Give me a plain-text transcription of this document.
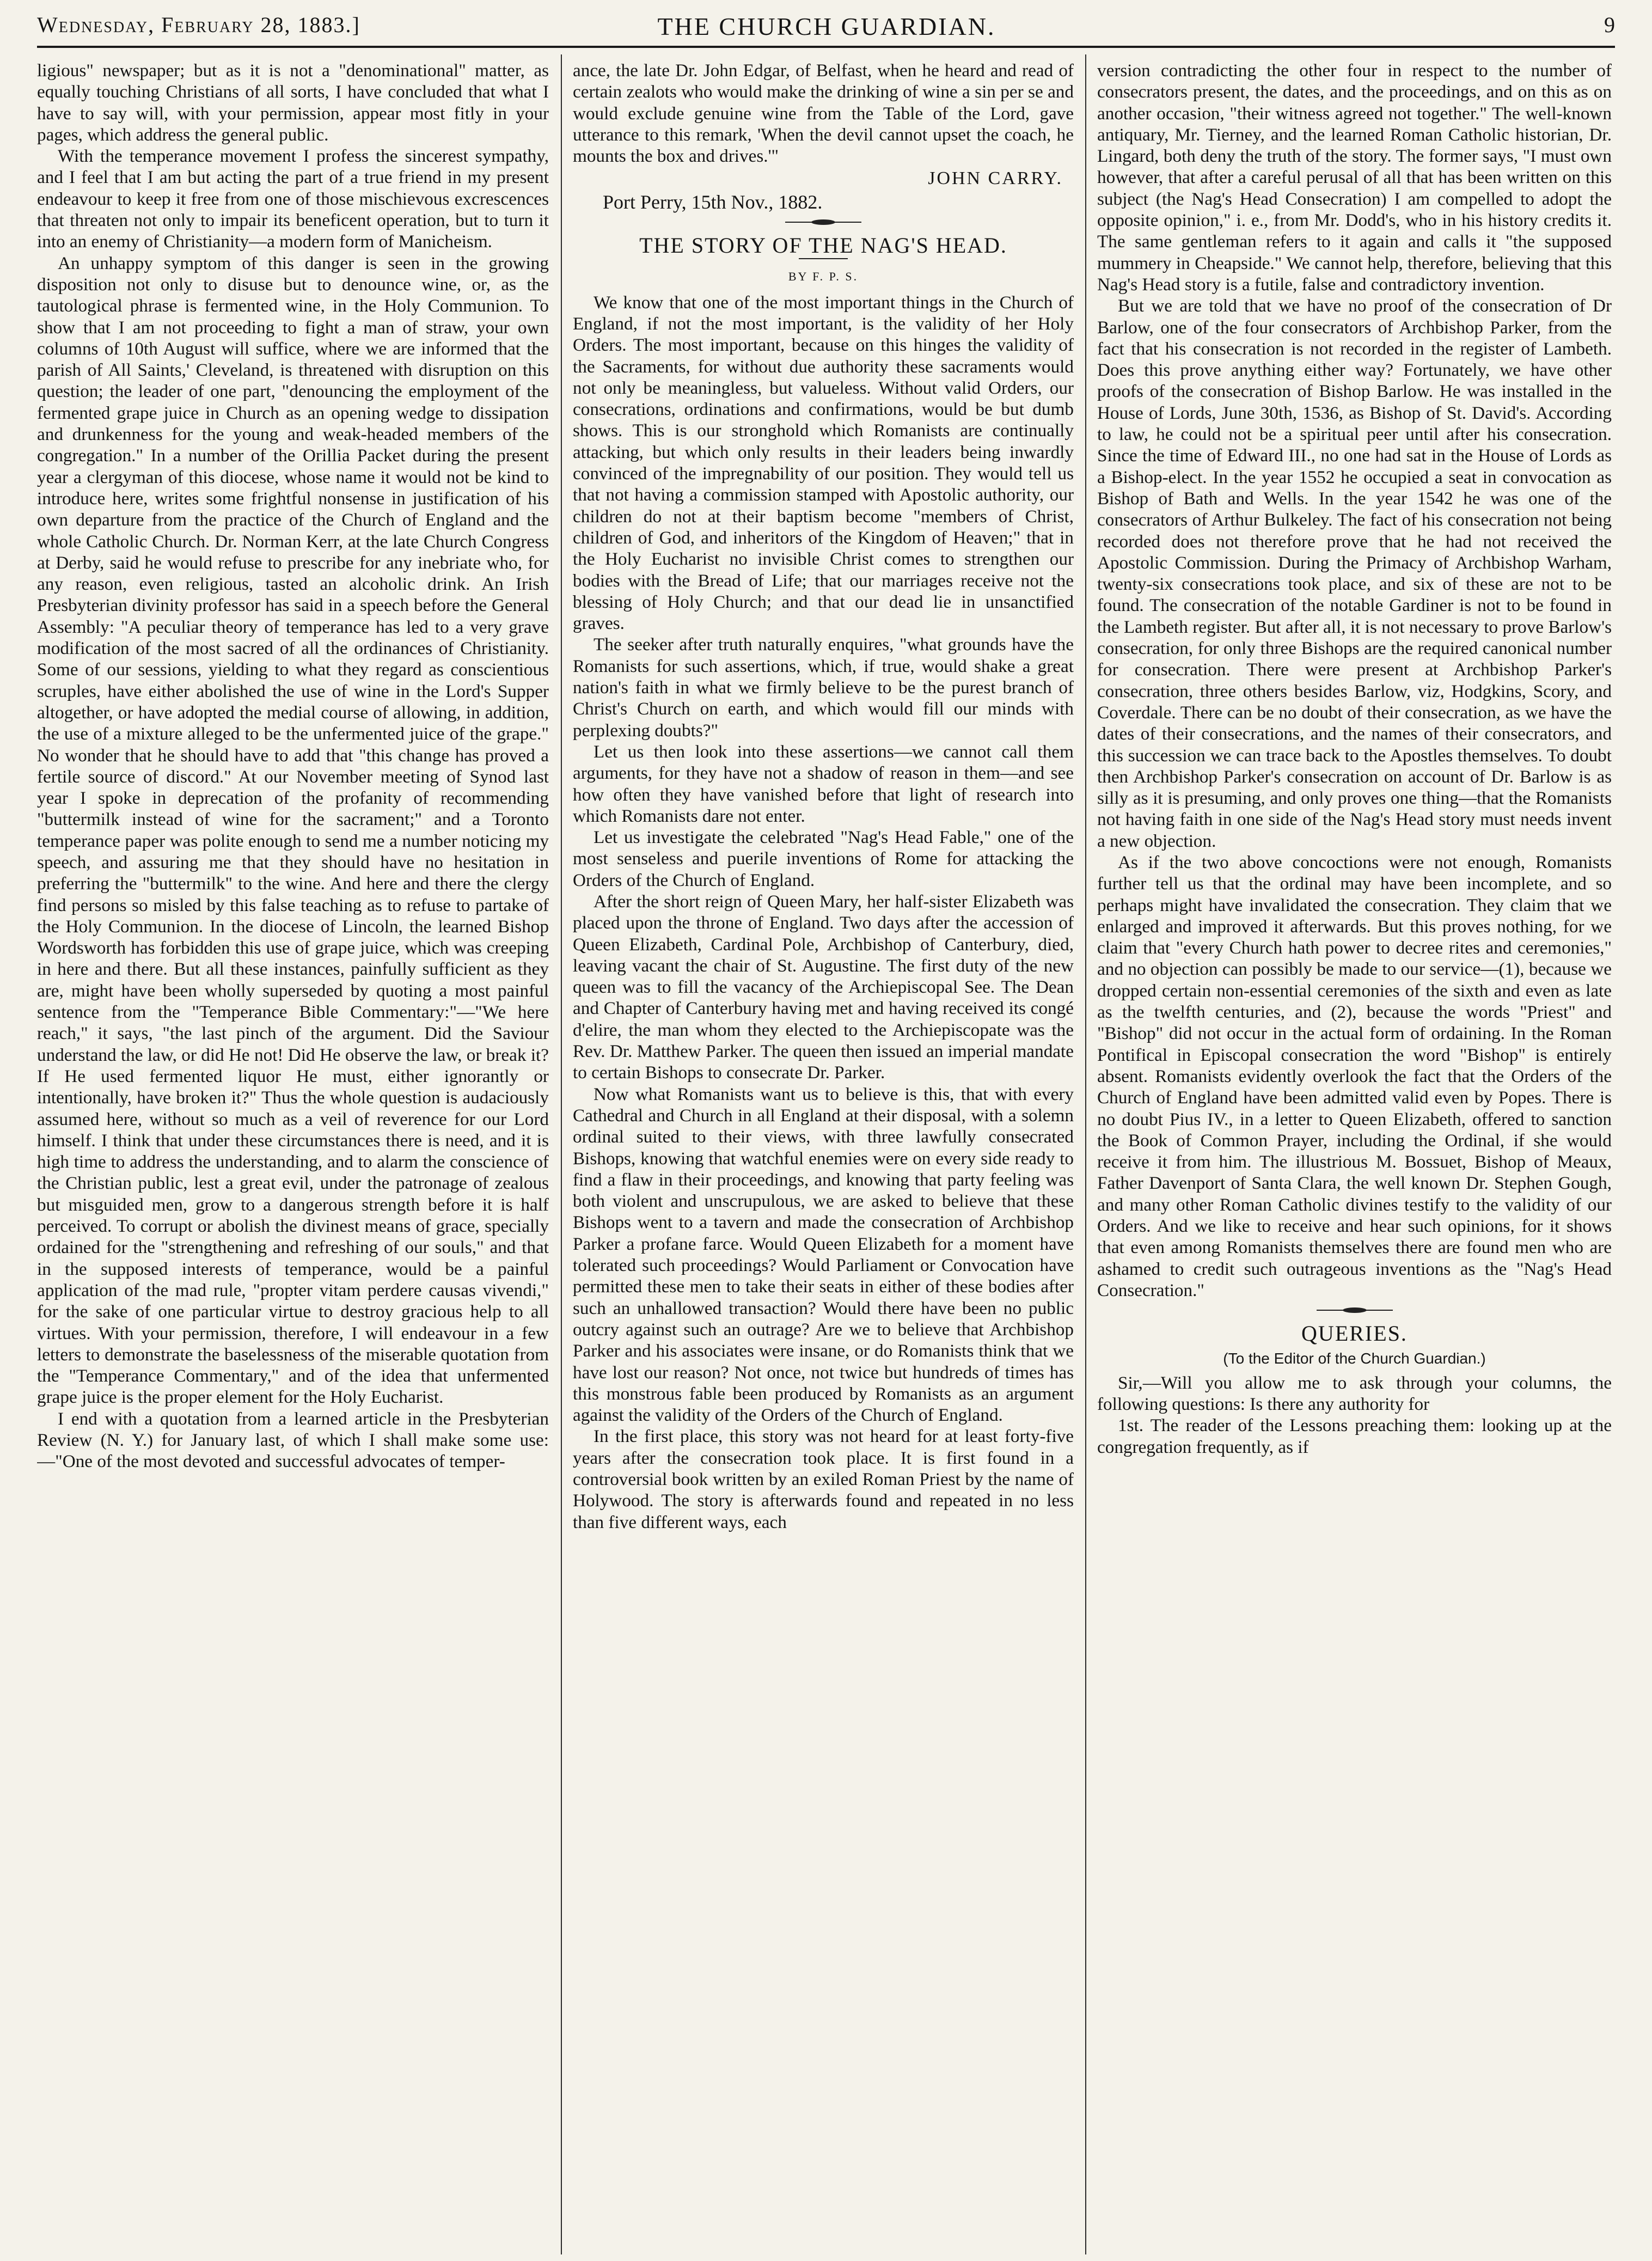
Wednesday, February 28, 1883.]	THE CHURCH GUARDIAN.	9

ligious" newspaper; but as it is not a "denominational" matter, as equally touching Christians of all sorts, I have concluded that what I have to say will, with your permission, appear most fitly in your pages, which address the general public.

With the temperance movement I profess the sincerest sympathy, and I feel that I am but acting the part of a true friend in my present endeavour to keep it free from one of those mischievous excrescences that threaten not only to impair its beneficent operation, but to turn it into an enemy of Christianity—a modern form of Manicheism.

An unhappy symptom of this danger is seen in the growing disposition not only to disuse but to denounce wine, or, as the tautological phrase is fermented wine, in the Holy Communion. To show that I am not proceeding to fight a man of straw, your own columns of 10th August will suffice, where we are informed that the parish of All Saints,' Cleveland, is threatened with disruption on this question; the leader of one part, "denouncing the employment of the fermented grape juice in Church as an opening wedge to dissipation and drunkenness for the young and weak-headed members of the congregation." In a number of the Orillia Packet during the present year a clergyman of this diocese, whose name it would not be kind to introduce here, writes some frightful nonsense in justification of his own departure from the practice of the Church of England and the whole Catholic Church. Dr. Norman Kerr, at the late Church Congress at Derby, said he would refuse to prescribe for any inebriate who, for any reason, even religious, tasted an alcoholic drink. An Irish Presbyterian divinity professor has said in a speech before the General Assembly: "A peculiar theory of temperance has led to a very grave modification of the most sacred of all the ordinances of Christianity. Some of our sessions, yielding to what they regard as conscientious scruples, have either abolished the use of wine in the Lord's Supper altogether, or have adopted the medial course of allowing, in addition, the use of a mixture alleged to be the unfermented juice of the grape." No wonder that he should have to add that "this change has proved a fertile source of discord." At our November meeting of Synod last year I spoke in deprecation of the profanity of recommending "buttermilk instead of wine for the sacrament;" and a Toronto temperance paper was polite enough to send me a number noticing my speech, and assuring me that they should have no hesitation in preferring the "buttermilk" to the wine. And here and there the clergy find persons so misled by this false teaching as to refuse to partake of the Holy Communion. In the diocese of Lincoln, the learned Bishop Wordsworth has forbidden this use of grape juice, which was creeping in here and there. But all these instances, painfully sufficient as they are, might have been wholly superseded by quoting a most painful sentence from the "Temperance Bible Commentary:"—"We here reach," it says, "the last pinch of the argument. Did the Saviour understand the law, or did He not! Did He observe the law, or break it? If He used fermented liquor He must, either ignorantly or intentionally, have broken it?" Thus the whole question is audaciously assumed here, without so much as a veil of reverence for our Lord himself. I think that under these circumstances there is need, and it is high time to address the understanding, and to alarm the conscience of the Christian public, lest a great evil, under the patronage of zealous but misguided men, grow to a dangerous strength before it is half perceived. To corrupt or abolish the divinest means of grace, specially ordained for the "strengthening and refreshing of our souls," and that in the supposed interests of temperance, would be a painful application of the mad rule, "propter vitam perdere causas vivendi," for the sake of one particular virtue to destroy gracious help to all virtues. With your permission, therefore, I will endeavour in a few letters to demonstrate the baselessness of the miserable quotation from the "Temperance Commentary," and of the idea that unfermented grape juice is the proper element for the Holy Eucharist.

I end with a quotation from a learned article in the Presbyterian Review (N. Y.) for January last, of which I shall make some use:—"One of the most devoted and successful advocates of temper-

ance, the late Dr. John Edgar, of Belfast, when he heard and read of certain zealots who would make the drinking of wine a sin per se and would exclude genuine wine from the Table of the Lord, gave utterance to this remark, 'When the devil cannot upset the coach, he mounts the box and drives.'"

JOHN CARRY.
Port Perry, 15th Nov., 1882.
THE STORY OF THE NAG'S HEAD.
BY F. P. S.

We know that one of the most important things in the Church of England, if not the most important, is the validity of her Holy Orders. The most important, because on this hinges the validity of the Sacraments, for without due authority these sacraments would not only be meaningless, but valueless. Without valid Orders, our consecrations, ordinations and confirmations, would be but dumb shows. This is our stronghold which Romanists are continually attacking, but which only results in their leaders being inwardly convinced of the impregnability of our position. They would tell us that not having a commission stamped with Apostolic authority, our children do not at their baptism become "members of Christ, children of God, and inheritors of the Kingdom of Heaven;" that in the Holy Eucharist no invisible Christ comes to strengthen our bodies with the Bread of Life; that our marriages receive not the blessing of Holy Church; and that our dead lie in unsanctified graves.

The seeker after truth naturally enquires, "what grounds have the Romanists for such assertions, which, if true, would shake a great nation's faith in what we firmly believe to be the purest branch of Christ's Church on earth, and which would fill our minds with perplexing doubts?"

Let us then look into these assertions—we cannot call them arguments, for they have not a shadow of reason in them—and see how often they have vanished before that light of research into which Romanists dare not enter.

Let us investigate the celebrated "Nag's Head Fable," one of the most senseless and puerile inventions of Rome for attacking the Orders of the Church of England.

After the short reign of Queen Mary, her half-sister Elizabeth was placed upon the throne of England. Two days after the accession of Queen Elizabeth, Cardinal Pole, Archbishop of Canterbury, died, leaving vacant the chair of St. Augustine. The first duty of the new queen was to fill the vacancy of the Archiepiscopal See. The Dean and Chapter of Canterbury having met and having received its congé d'elire, the man whom they elected to the Archiepiscopate was the Rev. Dr. Matthew Parker. The queen then issued an imperial mandate to certain Bishops to consecrate Dr. Parker.

Now what Romanists want us to believe is this, that with every Cathedral and Church in all England at their disposal, with a solemn ordinal suited to their views, with three lawfully consecrated Bishops, knowing that watchful enemies were on every side ready to find a flaw in their proceedings, and knowing that party feeling was both violent and unscrupulous, we are asked to believe that these Bishops went to a tavern and made the consecration of Archbishop Parker a profane farce. Would Queen Elizabeth for a moment have tolerated such proceedings? Would Parliament or Convocation have permitted these men to take their seats in either of these bodies after such an unhallowed transaction? Would there have been no public outcry against such an outrage? Are we to believe that Archbishop Parker and his associates were insane, or do Romanists think that we have lost our reason? Not once, not twice but hundreds of times has this monstrous fable been produced by Romanists as an argument against the validity of the Orders of the Church of England.

In the first place, this story was not heard for at least forty-five years after the consecration took place. It is first found in a controversial book written by an exiled Roman Priest by the name of Holywood. The story is afterwards found and repeated in no less than five different ways, each

version contradicting the other four in respect to the number of consecrators present, the dates, and the proceedings, and on this as on another occasion, "their witness agreed not together." The well-known antiquary, Mr. Tierney, and the learned Roman Catholic historian, Dr. Lingard, both deny the truth of the story. The former says, "I must own however, that after a careful perusal of all that has been written on this subject (the Nag's Head Consecration) I am compelled to adopt the opposite opinion," i. e., from Mr. Dodd's, who in his history credits it. The same gentleman refers to it again and calls it "the supposed mummery in Cheapside." We cannot help, therefore, believing that this Nag's Head story is a futile, false and contradictory invention.

But we are told that we have no proof of the consecration of Dr Barlow, one of the four consecrators of Archbishop Parker, from the fact that his consecration is not recorded in the register of Lambeth. Does this prove anything either way? Fortunately, we have other proofs of the consecration of Bishop Barlow. He was installed in the House of Lords, June 30th, 1536, as Bishop of St. David's. According to law, he could not be a spiritual peer until after his consecration. Since the time of Edward III., no one had sat in the House of Lords as a Bishop-elect. In the year 1552 he occupied a seat in convocation as Bishop of Bath and Wells. In the year 1542 he was one of the consecrators of Arthur Bulkeley. The fact of his consecration not being recorded does not therefore prove that he had not received the Apostolic Commission. During the Primacy of Archbishop Warham, twenty-six consecrations took place, and six of these are not to be found. The consecration of the notable Gardiner is not to be found in the Lambeth register. But after all, it is not necessary to prove Barlow's consecration, for only three Bishops are the required canonical number for consecration. There were present at Archbishop Parker's consecration, three others besides Barlow, viz, Hodgkins, Scory, and Coverdale. There can be no doubt of their consecration, as we have the dates of their consecrations, and the names of their consecrators, and this succession we can trace back to the Apostles themselves. To doubt then Archbishop Parker's consecration on account of Dr. Barlow is as silly as it is presuming, and only proves one thing—that the Romanists not having faith in one side of the Nag's Head story must needs invent a new objection.

As if the two above concoctions were not enough, Romanists further tell us that the ordinal may have been incomplete, and so perhaps might have invalidated the consecration. They claim that we enlarged and improved it afterwards. But this proves nothing, for we claim that "every Church hath power to decree rites and ceremonies," and no objection can possibly be made to our service—(1), because we dropped certain non-essential ceremonies of the sixth and even as late as the twelfth centuries, and (2), because the words "Priest" and "Bishop" did not occur in the actual form of ordaining. In the Roman Pontifical in Episcopal consecration the word "Bishop" is entirely absent. Romanists evidently overlook the fact that the Orders of the Church of England have been admitted valid even by Popes. There is no doubt Pius IV., in a letter to Queen Elizabeth, offered to sanction the Book of Common Prayer, including the Ordinal, if she would receive it from him. The illustrious M. Bossuet, Bishop of Meaux, Father Davenport of Santa Clara, the well known Dr. Stephen Gough, and many other Roman Catholic divines testify to the validity of our Orders. And we like to receive and hear such opinions, for it shows that even among Romanists themselves there are found men who are ashamed to credit such outrageous inventions as the "Nag's Head Consecration."

QUERIES.
(To the Editor of the Church Guardian.)

Sir,—Will you allow me to ask through your columns, the following questions: Is there any authority for

1st. The reader of the Lessons preaching them: looking up at the congregation frequently, as if
